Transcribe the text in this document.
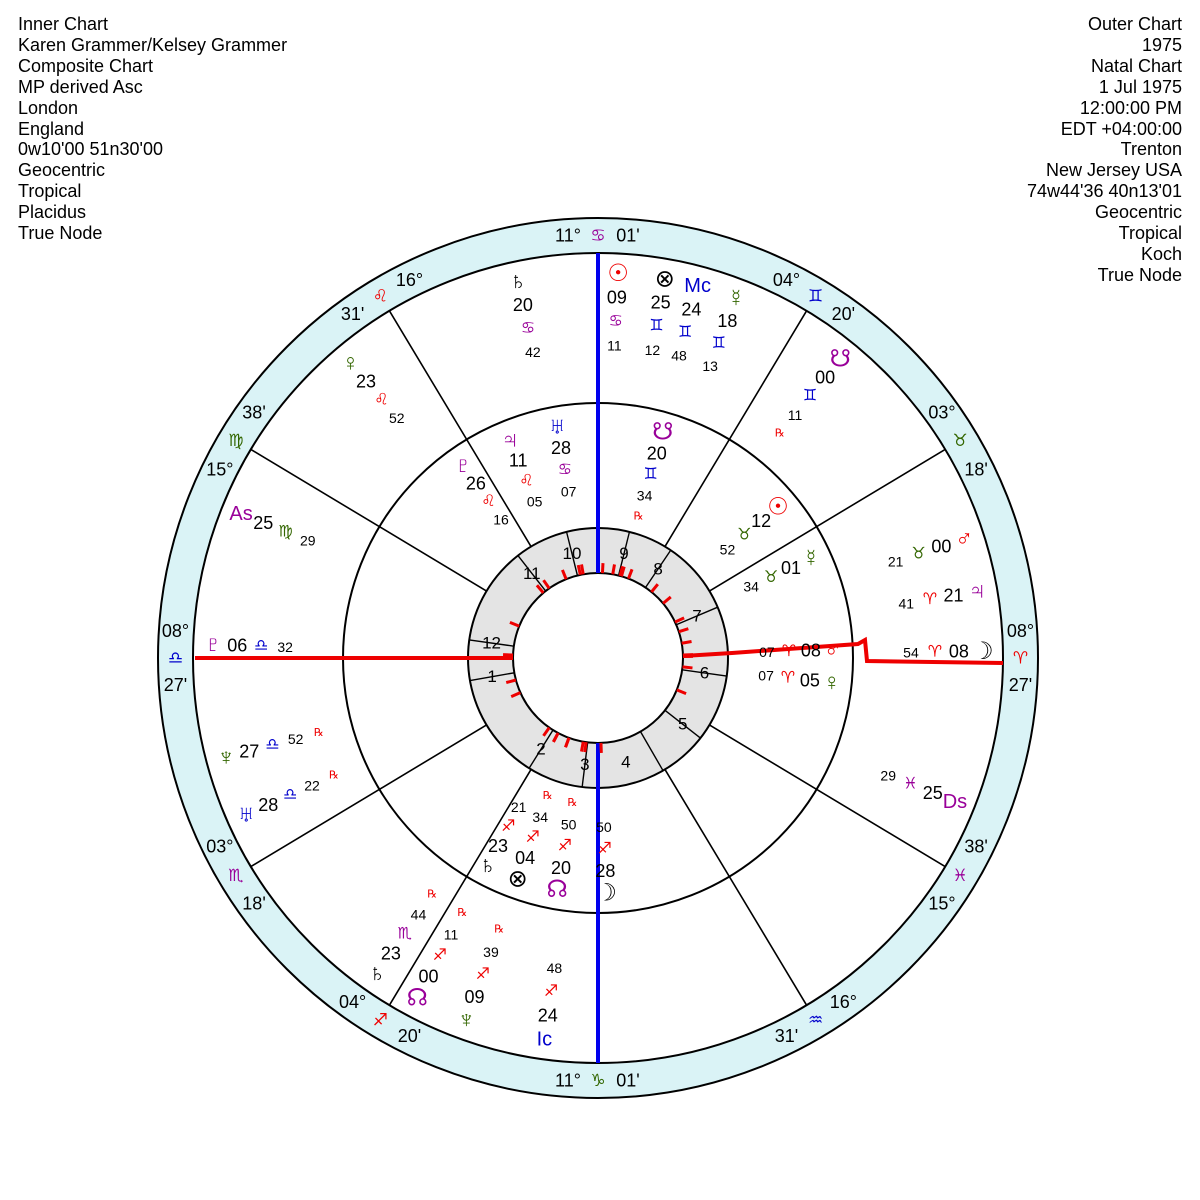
Inner Chart
Karen Grammer/Kelsey Grammer
Composite Chart
MP derived Asc
London
England
0w10'00 51n30'00
Geocentric
Tropical
Placidus
True Node
Outer Chart
1975
Natal Chart
1 Jul 1975
12:00:00 PM
EDT +04:00:00
Trenton
New Jersey USA
74w44'36 40n13'01
Geocentric
Tropical
Koch
True Node
11° ♋︎ 01'
04°
♊︎
20'
03°
♉︎
18'
08°
♈︎
27'
38'
♓︎
15°
16°
♒︎
31'
11° ♑︎ 01'
04°
♐︎
20'
03°
♏︎
18'
08°
♎︎
27'
38'
♍︎
15°
16°
♌︎
31'
10 9
8
7
6
5
4
3
2
1
12
11
♄
20
♋︎
42
☉
09
♋︎
11
⊗
25
♊︎
12
Mc
24
♊︎
48
☿
18
♊︎
13	☋
00
♊︎
11
℞
♂
00
♉︎
21
♃
21
♈︎
41
☽
08
♈︎
54
Ds
25
♓︎
29
As 25 ♍︎
29
♀
23
♌︎
52
♇ 06 ♎︎ 32
♆ 27 ♎︎ 52 ℞
♅ 28 ♎︎
22
℞
♄
23
♏︎
44
℞
☊
00
♐︎
11
℞
♆
09
♐︎
39
℞
Ic
24
♐︎
48
♅
28
♋︎
07
♃
11
♌︎
05
♇
26
♌︎
16
☋
20
♊︎
34
℞	☉
12
♉︎
52	☿
01
♉︎
34
♂
08
♈︎
07
♀
05
♈︎
07
♄
23
♐︎
21
⊗
04
♐︎
34
℞
☊
20
♐︎
50
℞
☽
28
♐︎
50
